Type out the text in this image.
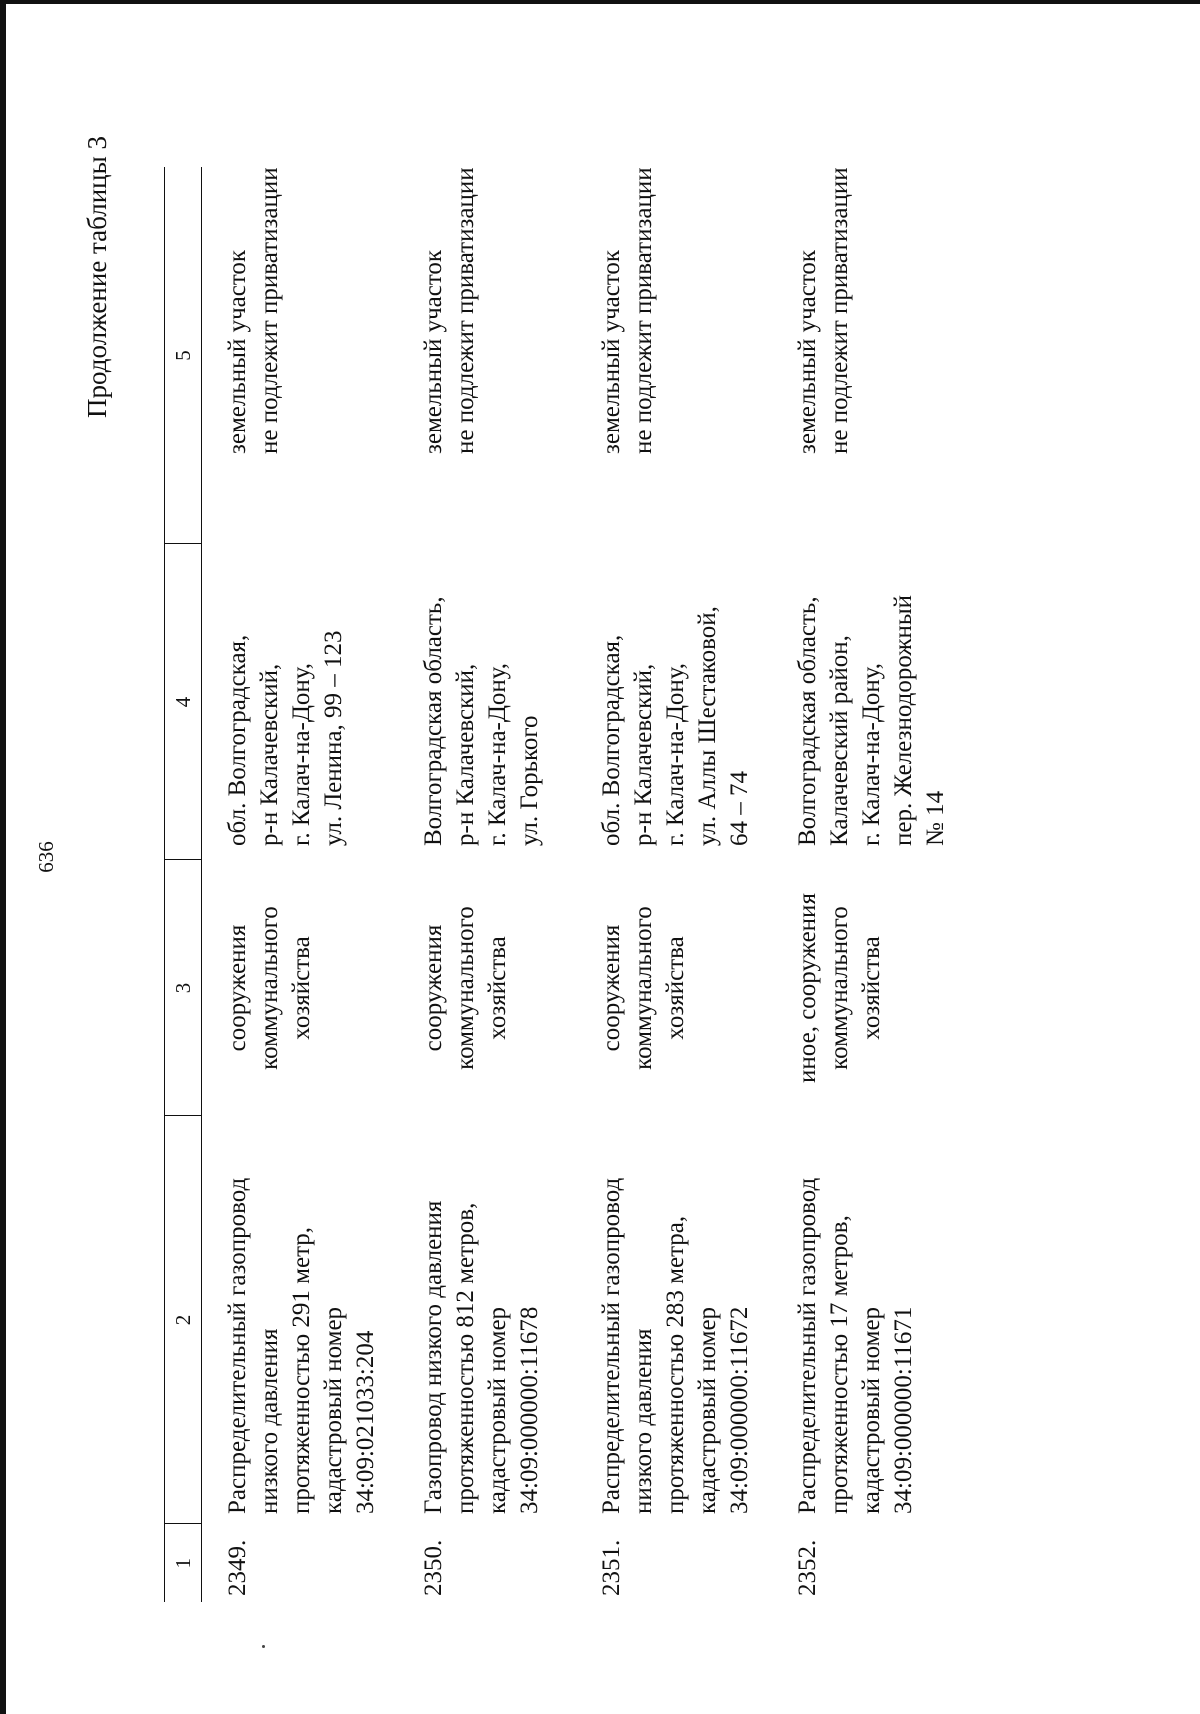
636
Продолжение таблицы 3
1	2	3	4	5
2349.	Распределительный газопровод низкого давления протяженностью 291 метр, кадастровый номер 34:09:021033:204	сооружения коммунального хозяйства	обл. Волгоградская, р-н Калачевский, г. Калач-на-Дону, ул. Ленина, 99 – 123	земельный участок не подлежит приватизации

2350.	Газопровод низкого давления протяженностью 812 метров, кадастровый номер 34:09:000000:11678	сооружения коммунального хозяйства	Волгоградская область, р-н Калачевский, г. Калач-на-Дону, ул. Горького	земельный участок не подлежит приватизации

2351.	Распределительный газопровод низкого давления протяженностью 283 метра, кадастровый номер 34:09:000000:11672	сооружения коммунального хозяйства	обл. Волгоградская, р-н Калачевский, г. Калач-на-Дону, ул. Аллы Шестаковой, 64 – 74	земельный участок не подлежит приватизации

2352.	Распределительный газопровод протяженностью 17 метров, кадастровый номер 34:09:000000:11671	иное, сооружения коммунального хозяйства	Волгоградская область, Калачевский район, г. Калач-на-Дону, пер. Железнодорожный № 14	земельный участок не подлежит приватизации
